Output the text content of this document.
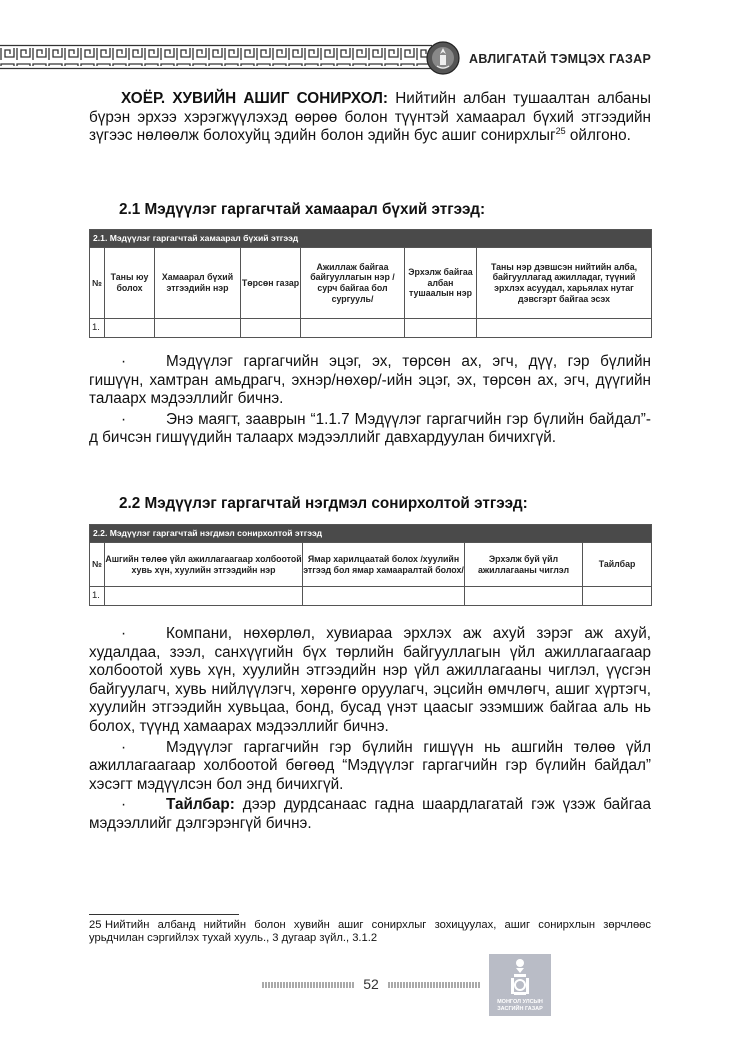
АВЛИГАТАЙ ТЭМЦЭХ ГАЗАР

ХОЁР. ХУВИЙН АШИГ СОНИРХОЛ: Нийтийн албан тушаалтан албаны бүрэн эрхээ хэрэгжүүлэхэд өөрөө болон түүнтэй хамаарал бүхий этгээдийн зүгээс нөлөөлж болохуйц эдийн болон эдийн бус ашиг сонирхлыг$^{25}$ ойлгоно.

2.1 Мэдүүлэг гаргагчтай хамаарал бүхий этгээд:
2.1. Мэдүүлэг гаргагчтай хамаарал бүхий этгээд						
№	Таны юу болох	Хамаарал бүхий этгээдийн нэр	Төрсөн газар	Ажиллаж байгаа байгууллагын нэр /сурч байгаа бол сургууль/	Эрхэлж байгаа албан тушаалын нэр	Таны нэр дэвшсэн нийтийн алба, байгууллагад ажилладаг, түүний эрхлэх асуудал, харьялах нутаг дэвсгэрт байгаа эсэх
1.						

·	Мэдүүлэг гаргагчийн эцэг, эх, төрсөн ах, эгч, дүү, гэр бүлийн гишүүн, хамтран амьдрагч, эхнэр/нөхөр/-ийн эцэг, эх, төрсөн ах, эгч, дүүгийн талаарх мэдээллийг бичнэ.

·	Энэ маягт, зааврын “1.1.7 Мэдүүлэг гаргагчийн гэр бүлийн байдал”-д бичсэн гишүүдийн талаарх мэдээллийг давхардуулан бичихгүй.

2.2 Мэдүүлэг гаргагчтай нэгдмэл сонирхолтой этгээд:
2.2. Мэдүүлэг гаргагчтай нэгдмэл сонирхолтой этгээд				
№	Ашгийн төлөө үйл ажиллагаагаар холбоотой хувь хүн, хуулийн этгээдийн нэр	Ямар харилцаатай болох /хуулийн этгээд бол ямар хамааралтай болох/	Эрхэлж буй үйл ажиллагааны чиглэл	Тайлбар
1.				

·	Компани, нөхөрлөл, хувиараа эрхлэх аж ахуй зэрэг аж ахуй, худалдаа, зээл, санхүүгийн бүх төрлийн байгууллагын үйл ажиллагаагаар холбоотой хувь хүн, хуулийн этгээдийн нэр үйл ажиллагааны чиглэл, үүсгэн байгуулагч, хувь нийлүүлэгч, хөрөнгө оруулагч, эцсийн өмчлөгч, ашиг хүртэгч, хуулийн этгээдийн хувьцаа, бонд, бусад үнэт цаасыг эзэмшиж байгаа аль нь болох, түүнд хамаарах мэдээллийг бичнэ.

·	Мэдүүлэг гаргагчийн гэр бүлийн гишүүн нь ашгийн төлөө үйл ажиллагаагаар холбоотой бөгөөд “Мэдүүлэг гаргагчийн гэр бүлийн байдал” хэсэгт мэдүүлсэн бол энд бичихгүй.

·	Тайлбар: дээр дурдсанаас гадна шаардлагатай гэж үзэж байгаа мэдээллийг дэлгэрэнгүй бичнэ.

25 Нийтийн албанд нийтийн болон хувийн ашиг сонирхлыг зохицуулах, ашиг сонирхлын зөрчлөөс урьдчилан сэргийлэх тухай хууль., 3 дугаар зүйл., 3.1.2
52
МОНГОЛ УЛСЫН
ЗАСГИЙН ГАЗАР
